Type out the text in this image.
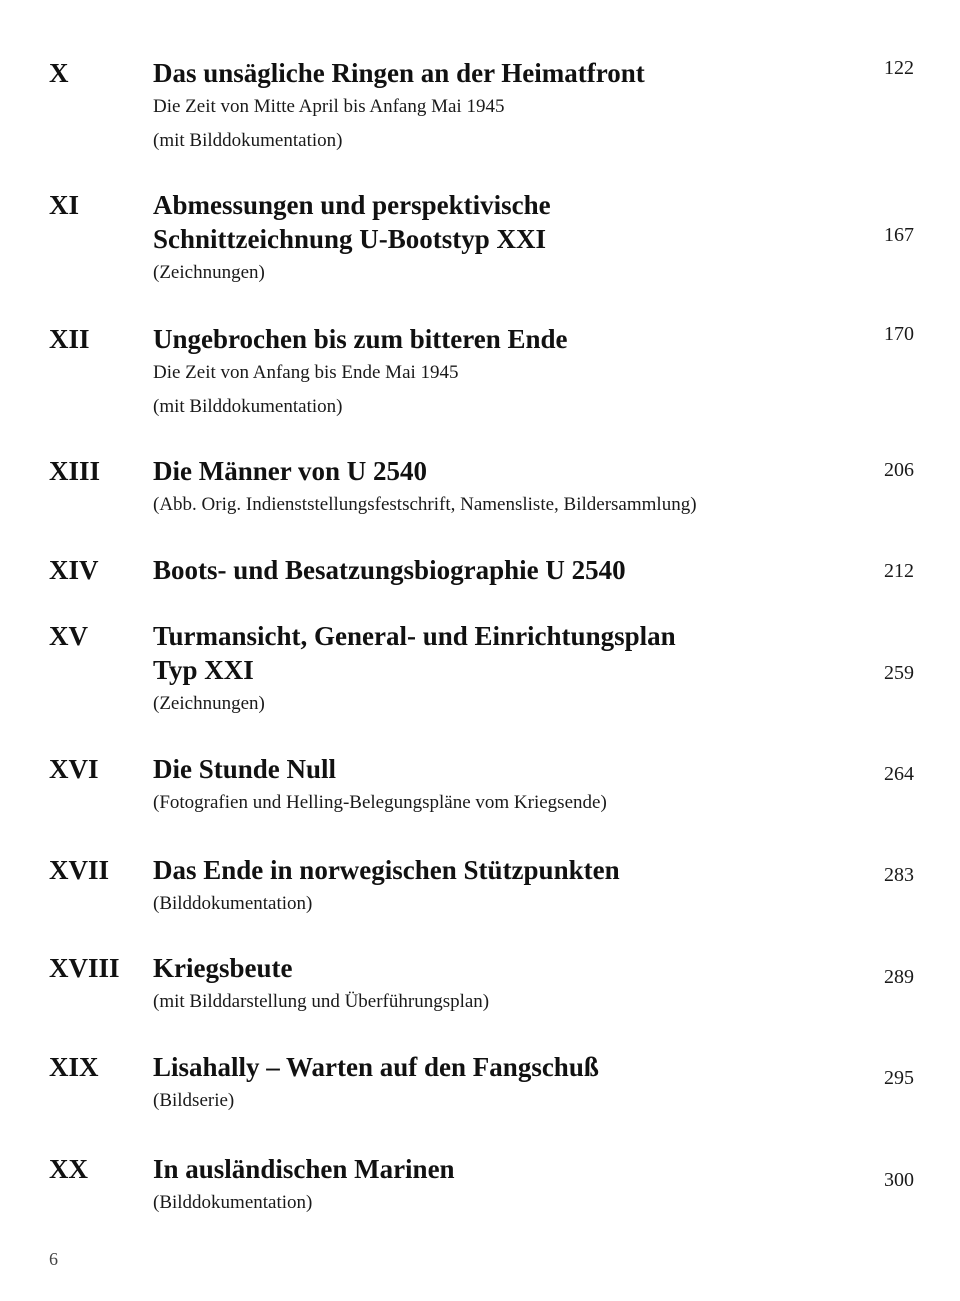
X	Das unsägliche Ringen an der Heimatfront
Die Zeit von Mitte April bis Anfang Mai 1945
(mit Bilddokumentation)
122
XI	Abmessungen und perspektivische
Schnittzeichnung U-Bootstyp XXI
(Zeichnungen)
167
XII Ungebrochen bis zum bitteren Ende
Die Zeit von Anfang bis Ende Mai 1945
(mit Bilddokumentation)
170
XIII Die Männer von U 2540
(Abb. Orig. Indienststellungsfestschrift, Namensliste, Bildersammlung)
206
XIV Boots- und Besatzungsbiographie U 2540	212
XV Turmansicht, General- und Einrichtungsplan
Typ XXI
(Zeichnungen)
259
XVI Die Stunde Null
(Fotografien und Helling-Belegungspläne vom Kriegsende)
264
XVII Das Ende in norwegischen Stützpunkten
(Bilddokumentation)
283
XVIII Kriegsbeute
(mit Bilddarstellung und Überführungsplan)
289
XIX Lisahally – Warten auf den Fangschuß
(Bildserie)
295
XX In ausländischen Marinen
(Bilddokumentation)
300
6
